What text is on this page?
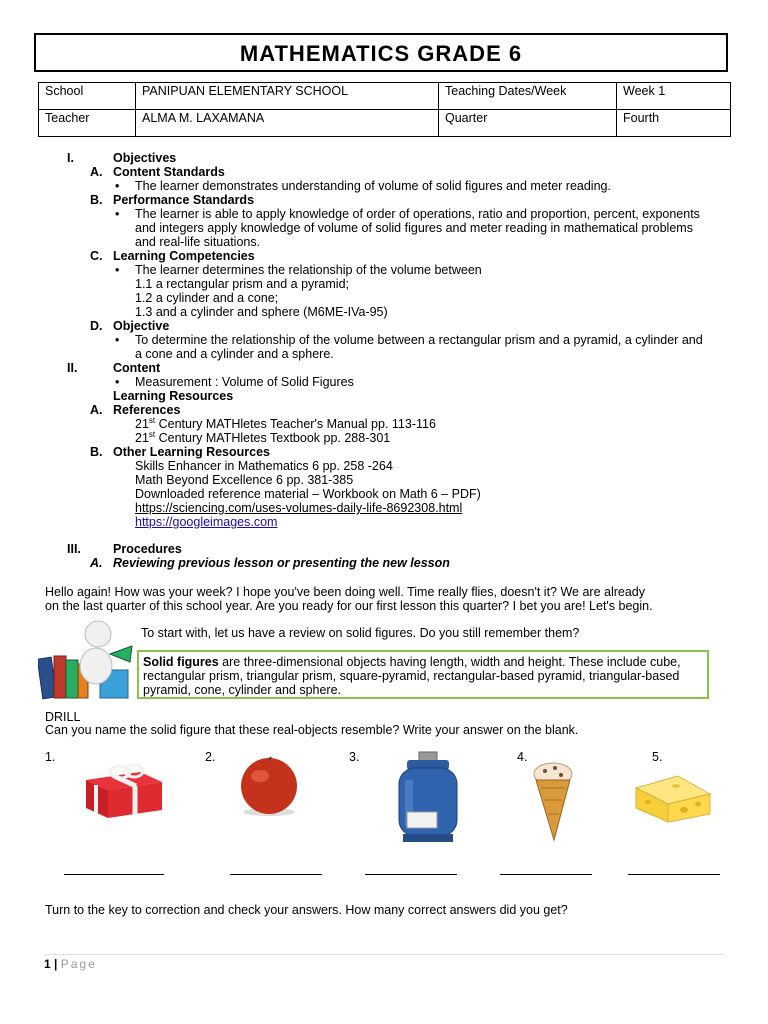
MATHEMATICS GRADE 6
School	PANIPUAN ELEMENTARY SCHOOL	Teaching Dates/Week	Week 1
Teacher	ALMA M. LAXAMANA	Quarter	Fourth
I.	Objectives
A. Content Standards
• The learner demonstrates understanding of volume of solid figures and meter reading.
B. Performance Standards
• The learner is able to apply knowledge of order of operations, ratio and proportion, percent, exponents and integers apply knowledge of volume of solid figures and meter reading in mathematical problems and real-life situations.
C. Learning Competencies
• The learner determines the relationship of the volume between
1.1 a rectangular prism and a pyramid;
1.2 a cylinder and a cone;
1.3 and a cylinder and sphere (M6ME-IVa-95)
D. Objective
• To determine the relationship of the volume between a rectangular prism and a pyramid, a cylinder and a cone and a cylinder and a sphere.
II.	Content
• Measurement : Volume of Solid Figures
Learning Resources
A. References
21st Century MATHletes Teacher's Manual pp. 113-116
21st Century MATHletes Textbook pp. 288-301
B. Other Learning Resources
Skills Enhancer in Mathematics 6 pp. 258 -264
Math Beyond Excellence 6 pp. 381-385
Downloaded reference material – Workbook on Math 6 – PDF)
https://sciencing.com/uses-volumes-daily-life-8692308.html
https://googleimages.com
III.	Procedures
A. Reviewing previous lesson or presenting the new lesson
Hello again! How was your week? I hope you've been doing well. Time really flies, doesn't it? We are already
on the last quarter of this school year. Are you ready for our first lesson this quarter? I bet you are! Let's begin.
To start with, let us have a review on solid figures. Do you still remember them?
Solid figures are three-dimensional objects having length, width and height. These include cube, rectangular prism, triangular prism, square-pyramid, rectangular-based pyramid, triangular-based pyramid, cone, cylinder and sphere.
DRILL
Can you name the solid figure that these real-objects resemble? Write your answer on the blank.
1.	2.	3.	4.	5.
Turn to the key to correction and check your answers. How many correct answers did you get?
1 | Page
